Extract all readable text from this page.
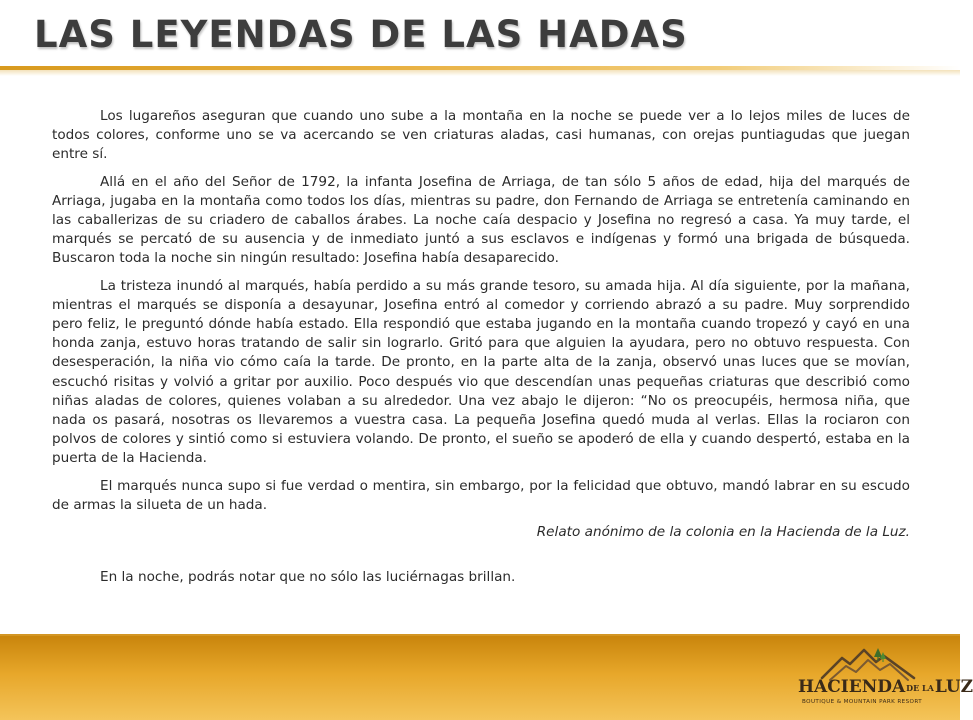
LAS LEYENDAS DE LAS HADAS

Los lugareños aseguran que cuando uno sube a la montaña en la noche se puede ver a lo lejos miles de luces de todos colores, conforme uno se va acercando se ven criaturas aladas, casi humanas, con orejas puntiagudas que juegan entre sí.

Allá en el año del Señor de 1792, la infanta Josefina de Arriaga, de tan sólo 5 años de edad, hija del marqués de Arriaga, jugaba en la montaña como todos los días, mientras su padre, don Fernando de Arriaga se entretenía caminando en las caballerizas de su criadero de caballos árabes. La noche caía despacio y Josefina no regresó a casa. Ya muy tarde, el marqués se percató de su ausencia y de inmediato juntó a sus esclavos e indígenas y formó una brigada de búsqueda. Buscaron toda la noche sin ningún resultado: Josefina había desaparecido.

La tristeza inundó al marqués, había perdido a su más grande tesoro, su amada hija. Al día siguiente, por la mañana, mientras el marqués se disponía a desayunar, Josefina entró al comedor y corriendo abrazó a su padre. Muy sorprendido pero feliz, le preguntó dónde había estado. Ella respondió que estaba jugando en la montaña cuando tropezó y cayó en una honda zanja, estuvo horas tratando de salir sin lograrlo. Gritó para que alguien la ayudara, pero no obtuvo respuesta. Con desesperación, la niña vio cómo caía la tarde. De pronto, en la parte alta de la zanja, observó unas luces que se movían, escuchó risitas y volvió a gritar por auxilio. Poco después vio que descendían unas pequeñas criaturas que describió como niñas aladas de colores, quienes volaban a su alrededor. Una vez abajo le dijeron: “No os preocupéis, hermosa niña, que nada os pasará, nosotras os llevaremos a vuestra casa. La pequeña Josefina quedó muda al verlas. Ellas la rociaron con polvos de colores y sintió como si estuviera volando. De pronto, el sueño se apoderó de ella y cuando despertó, estaba en la puerta de la Hacienda.

El marqués nunca supo si fue verdad o mentira, sin embargo, por la felicidad que obtuvo, mandó labrar en su escudo de armas la silueta de un hada.

Relato anónimo de la colonia en la Hacienda de la Luz.

En la noche, podrás notar que no sólo las luciérnagas brillan.

HACIENDADE LALUZ
BOUTIQUE & MOUNTAIN PARK RESORT
